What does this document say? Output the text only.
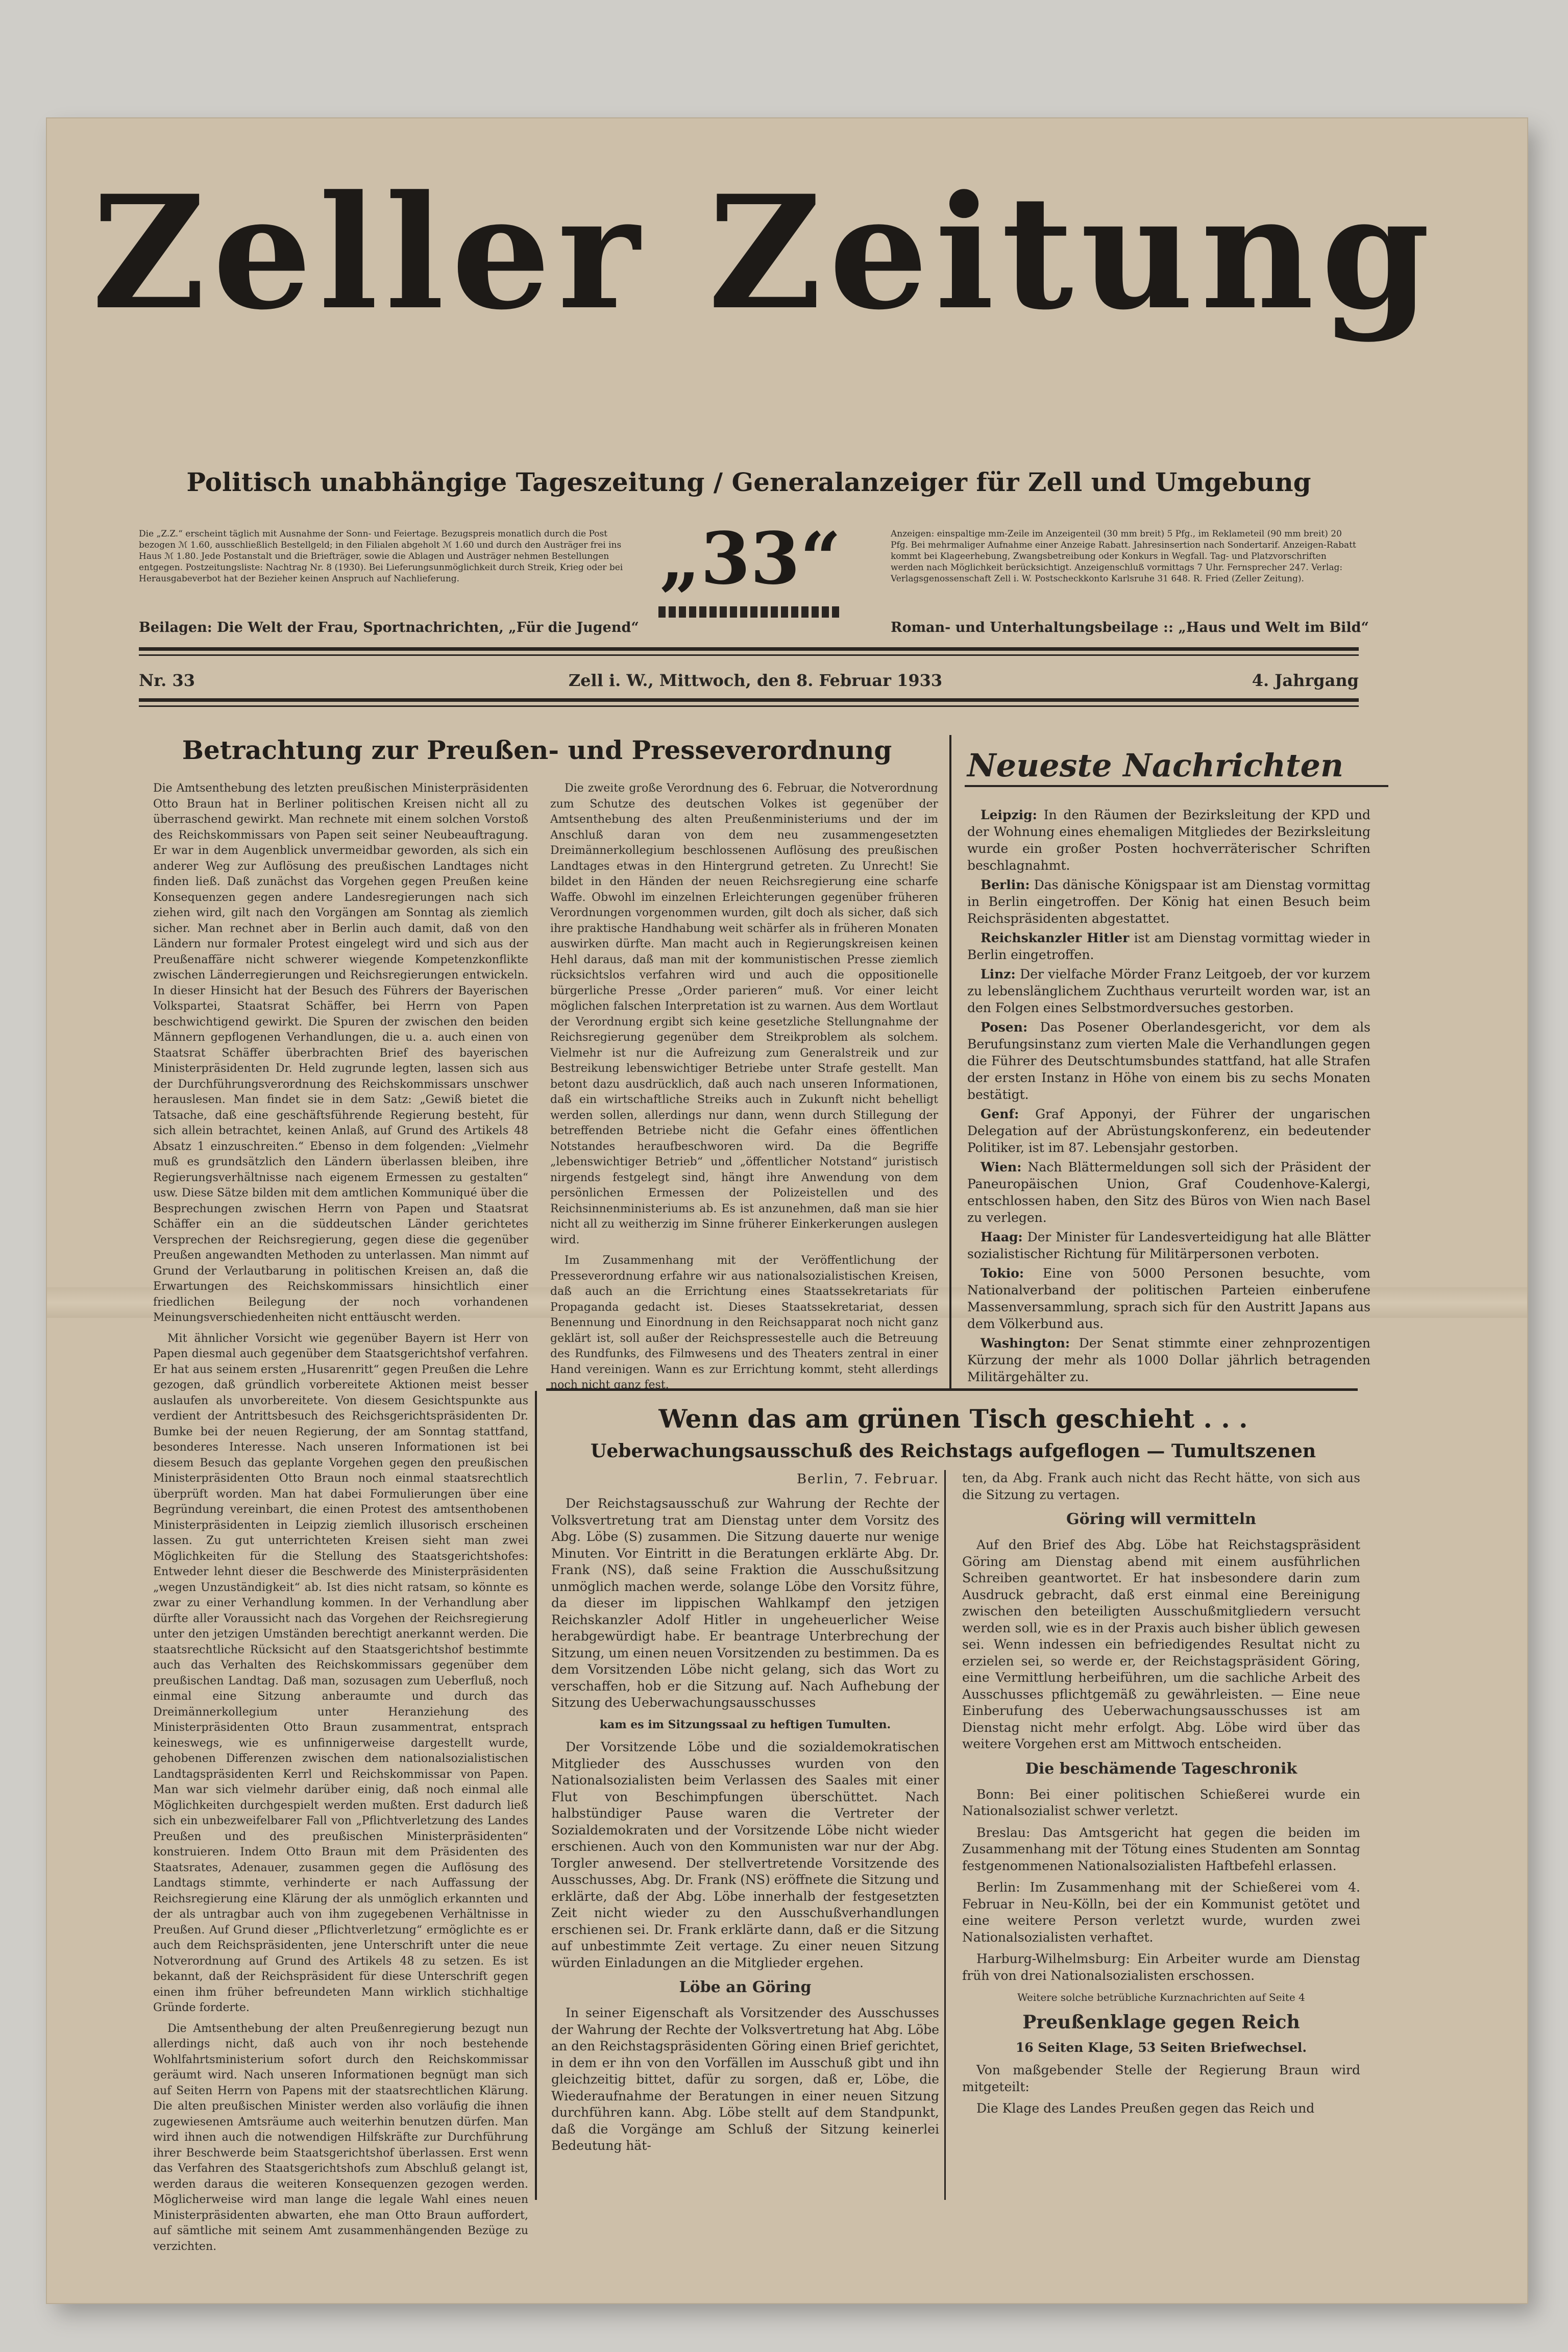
Zeller Zeitung
Politisch unabhängige Tageszeitung / Generalanzeiger für Zell und Umgebung
Die „Z.Z.“ erscheint täglich mit Ausnahme der Sonn- und Feiertage. Bezugspreis monatlich durch die Post bezogen ℳ 1.60, ausschließlich Bestellgeld; in den Filialen abgeholt ℳ 1.60 und durch den Austräger frei ins Haus ℳ 1.80. Jede Postanstalt und die Briefträger, sowie die Ablagen und Austräger nehmen Bestellungen entgegen. Postzeitungsliste: Nachtrag Nr. 8 (1930). Bei Lieferungsunmöglichkeit durch Streik, Krieg oder bei Herausgabeverbot hat der Bezieher keinen Anspruch auf Nachlieferung.	„33“	Anzeigen: einspaltige mm-Zeile im Anzeigenteil (30 mm breit) 5 Pfg., im Reklameteil (90 mm breit) 20 Pfg. Bei mehrmaliger Aufnahme einer Anzeige Rabatt. Jahresinsertion nach Sondertarif. Anzeigen-Rabatt kommt bei Klageerhebung, Zwangsbetreibung oder Konkurs in Wegfall. Tag- und Platzvorschriften werden nach Möglichkeit berücksichtigt. Anzeigenschluß vormittags 7 Uhr. Fernsprecher 247. Verlag: Verlagsgenossenschaft Zell i. W. Postscheckkonto Karlsruhe 31 648. R. Fried (Zeller Zeitung).
Beilagen: Die Welt der Frau, Sportnachrichten, „Für die Jugend“	Roman- und Unterhaltungsbeilage :: „Haus und Welt im Bild“
Nr. 33	Zell i. W., Mittwoch, den 8. Februar 1933	4. Jahrgang
Betrachtung zur Preußen- und Presseverordnung

Die Amtsenthebung des letzten preußischen Ministerpräsidenten Otto Braun hat in Berliner politischen Kreisen nicht all zu überraschend gewirkt. Man rechnete mit einem solchen Vorstoß des Reichskommissars von Papen seit seiner Neubeauftragung. Er war in dem Augenblick unvermeidbar geworden, als sich ein anderer Weg zur Auflösung des preußischen Landtages nicht finden ließ. Daß zunächst das Vorgehen gegen Preußen keine Konsequenzen gegen andere Landesregierungen nach sich ziehen wird, gilt nach den Vorgängen am Sonntag als ziemlich sicher. Man rechnet aber in Berlin auch damit, daß von den Ländern nur formaler Protest eingelegt wird und sich aus der Preußenaffäre nicht schwerer wiegende Kompetenzkonflikte zwischen Länderregierungen und Reichsregierungen entwickeln. In dieser Hinsicht hat der Besuch des Führers der Bayerischen Volkspartei, Staatsrat Schäffer, bei Herrn von Papen beschwichtigend gewirkt. Die Spuren der zwischen den beiden Männern gepflogenen Verhandlungen, die u. a. auch einen von Staatsrat Schäffer überbrachten Brief des bayerischen Ministerpräsidenten Dr. Held zugrunde legten, lassen sich aus der Durchführungsverordnung des Reichskommissars unschwer herauslesen. Man findet sie in dem Satz: „Gewiß bietet die Tatsache, daß eine geschäftsführende Regierung besteht, für sich allein betrachtet, keinen Anlaß, auf Grund des Artikels 48 Absatz 1 einzuschreiten.“ Ebenso in dem folgenden: „Vielmehr muß es grundsätzlich den Ländern überlassen bleiben, ihre Regierungsverhältnisse nach eigenem Ermessen zu gestalten“ usw. Diese Sätze bilden mit dem amtlichen Kommuniqué über die Besprechungen zwischen Herrn von Papen und Staatsrat Schäffer ein an die süddeutschen Länder gerichtetes Versprechen der Reichsregierung, gegen diese die gegenüber Preußen angewandten Methoden zu unterlassen. Man nimmt auf Grund der Verlautbarung in politischen Kreisen an, daß die Erwartungen des Reichskommissars hinsichtlich einer friedlichen Beilegung der noch vorhandenen Meinungsverschiedenheiten nicht enttäuscht werden.

Mit ähnlicher Vorsicht wie gegenüber Bayern ist Herr von Papen diesmal auch gegenüber dem Staatsgerichtshof verfahren. Er hat aus seinem ersten „Husarenritt“ gegen Preußen die Lehre gezogen, daß gründlich vorbereitete Aktionen meist besser auslaufen als unvorbereitete. Von diesem Gesichtspunkte aus verdient der Antrittsbesuch des Reichsgerichtspräsidenten Dr. Bumke bei der neuen Regierung, der am Sonntag stattfand, besonderes Interesse. Nach unseren Informationen ist bei diesem Besuch das geplante Vorgehen gegen den preußischen Ministerpräsidenten Otto Braun noch einmal staatsrechtlich überprüft worden. Man hat dabei Formulierungen über eine Begründung vereinbart, die einen Protest des amtsenthobenen Ministerpräsidenten in Leipzig ziemlich illusorisch erscheinen lassen. Zu gut unterrichteten Kreisen sieht man zwei Möglichkeiten für die Stellung des Staatsgerichtshofes: Entweder lehnt dieser die Beschwerde des Ministerpräsidenten „wegen Unzuständigkeit“ ab. Ist dies nicht ratsam, so könnte es zwar zu einer Verhandlung kommen. In der Verhandlung aber dürfte aller Voraussicht nach das Vorgehen der Reichsregierung unter den jetzigen Umständen berechtigt anerkannt werden. Die staatsrechtliche Rücksicht auf den Staatsgerichtshof bestimmte auch das Verhalten des Reichskommissars gegenüber dem preußischen Landtag. Daß man, sozusagen zum Ueberfluß, noch einmal eine Sitzung anberaumte und durch das Dreimännerkollegium unter Heranziehung des Ministerpräsidenten Otto Braun zusammentrat, entsprach keineswegs, wie es unfinnigerweise dargestellt wurde, gehobenen Differenzen zwischen dem nationalsozialistischen Landtagspräsidenten Kerrl und Reichskommissar von Papen. Man war sich vielmehr darüber einig, daß noch einmal alle Möglichkeiten durchgespielt werden mußten. Erst dadurch ließ sich ein unbezweifelbarer Fall von „Pflichtverletzung des Landes Preußen und des preußischen Ministerpräsidenten“ konstruieren. Indem Otto Braun mit dem Präsidenten des Staatsrates, Adenauer, zusammen gegen die Auflösung des Landtags stimmte, verhinderte er nach Auffassung der Reichsregierung eine Klärung der als unmöglich erkannten und der als untragbar auch von ihm zugegebenen Verhältnisse in Preußen. Auf Grund dieser „Pflichtverletzung“ ermöglichte es er auch dem Reichspräsidenten, jene Unterschrift unter die neue Notverordnung auf Grund des Artikels 48 zu setzen. Es ist bekannt, daß der Reichspräsident für diese Unterschrift gegen einen ihm früher befreundeten Mann wirklich stichhaltige Gründe forderte.

Die Amtsenthebung der alten Preußenregierung bezugt nun allerdings nicht, daß auch von ihr noch bestehende Wohlfahrtsministerium sofort durch den Reichskommissar geräumt wird. Nach unseren Informationen begnügt man sich auf Seiten Herrn von Papens mit der staatsrechtlichen Klärung. Die alten preußischen Minister werden also vorläufig die ihnen zugewiesenen Amtsräume auch weiterhin benutzen dürfen. Man wird ihnen auch die notwendigen Hilfskräfte zur Durchführung ihrer Beschwerde beim Staatsgerichtshof überlassen. Erst wenn das Verfahren des Staatsgerichtshofs zum Abschluß gelangt ist, werden daraus die weiteren Konsequenzen gezogen werden. Möglicherweise wird man lange die legale Wahl eines neuen Ministerpräsidenten abwarten, ehe man Otto Braun auffordert, auf sämtliche mit seinem Amt zusammenhängenden Bezüge zu verzichten.

Die zweite große Verordnung des 6. Februar, die Notverordnung zum Schutze des deutschen Volkes ist gegenüber der Amtsenthebung des alten Preußenministeriums und der im Anschluß daran von dem neu zusammengesetzten Dreimännerkollegium beschlossenen Auflösung des preußischen Landtages etwas in den Hintergrund getreten. Zu Unrecht! Sie bildet in den Händen der neuen Reichsregierung eine scharfe Waffe. Obwohl im einzelnen Erleichterungen gegenüber früheren Verordnungen vorgenommen wurden, gilt doch als sicher, daß sich ihre praktische Handhabung weit schärfer als in früheren Monaten auswirken dürfte. Man macht auch in Regierungskreisen keinen Hehl daraus, daß man mit der kommunistischen Presse ziemlich rücksichtslos verfahren wird und auch die oppositionelle bürgerliche Presse „Order parieren“ muß. Vor einer leicht möglichen falschen Interpretation ist zu warnen. Aus dem Wortlaut der Verordnung ergibt sich keine gesetzliche Stellungnahme der Reichsregierung gegenüber dem Streikproblem als solchem. Vielmehr ist nur die Aufreizung zum Generalstreik und zur Bestreikung lebenswichtiger Betriebe unter Strafe gestellt. Man betont dazu ausdrücklich, daß auch nach unseren Informationen, daß ein wirtschaftliche Streiks auch in Zukunft nicht behelligt werden sollen, allerdings nur dann, wenn durch Stillegung der betreffenden Betriebe nicht die Gefahr eines öffentlichen Notstandes heraufbeschworen wird. Da die Begriffe „lebenswichtiger Betrieb“ und „öffentlicher Notstand“ juristisch nirgends festgelegt sind, hängt ihre Anwendung von dem persönlichen Ermessen der Polizeistellen und des Reichsinnenministeriums ab. Es ist anzunehmen, daß man sie hier nicht all zu weitherzig im Sinne früherer Einkerkerungen auslegen wird.

Im Zusammenhang mit der Veröffentlichung der Presseverordnung erfahre wir aus nationalsozialistischen Kreisen, daß auch an die Errichtung eines Staatssekretariats für Propaganda gedacht ist. Dieses Staatssekretariat, dessen Benennung und Einordnung in den Reichsapparat noch nicht ganz geklärt ist, soll außer der Reichspressestelle auch die Betreuung des Rundfunks, des Filmwesens und des Theaters zentral in einer Hand vereinigen. Wann es zur Errichtung kommt, steht allerdings noch nicht ganz fest.

Neueste Nachrichten

Leipzig: In den Räumen der Bezirksleitung der KPD und der Wohnung eines ehemaligen Mitgliedes der Bezirksleitung wurde ein großer Posten hochverräterischer Schriften beschlagnahmt.

Berlin: Das dänische Königspaar ist am Dienstag vormittag in Berlin eingetroffen. Der König hat einen Besuch beim Reichspräsidenten abgestattet.

Reichskanzler Hitler ist am Dienstag vormittag wieder in Berlin eingetroffen.

Linz: Der vielfache Mörder Franz Leitgoeb, der vor kurzem zu lebenslänglichem Zuchthaus verurteilt worden war, ist an den Folgen eines Selbstmordversuches gestorben.

Posen: Das Posener Oberlandesgericht, vor dem als Berufungsinstanz zum vierten Male die Verhandlungen gegen die Führer des Deutschtumsbundes stattfand, hat alle Strafen der ersten Instanz in Höhe von einem bis zu sechs Monaten bestätigt.

Genf: Graf Apponyi, der Führer der ungarischen Delegation auf der Abrüstungskonferenz, ein bedeutender Politiker, ist im 87. Lebensjahr gestorben.

Wien: Nach Blättermeldungen soll sich der Präsident der Paneuropäischen Union, Graf Coudenhove-Kalergi, entschlossen haben, den Sitz des Büros von Wien nach Basel zu verlegen.

Haag: Der Minister für Landesverteidigung hat alle Blätter sozialistischer Richtung für Militärpersonen verboten.

Tokio: Eine von 5000 Personen besuchte, vom Nationalverband der politischen Parteien einberufene Massenversammlung, sprach sich für den Austritt Japans aus dem Völkerbund aus.

Washington: Der Senat stimmte einer zehnprozentigen Kürzung der mehr als 1000 Dollar jährlich betragenden Militärgehälter zu.

Wenn das am grünen Tisch geschieht . . .
Ueberwachungsausschuß des Reichstags aufgeflogen — Tumultszenen
Berlin, 7. Februar.

Der Reichstagsausschuß zur Wahrung der Rechte der Volksvertretung trat am Dienstag unter dem Vorsitz des Abg. Löbe (S) zusammen. Die Sitzung dauerte nur wenige Minuten. Vor Eintritt in die Beratungen erklärte Abg. Dr. Frank (NS), daß seine Fraktion die Ausschußsitzung unmöglich machen werde, solange Löbe den Vorsitz führe, da dieser im lippischen Wahlkampf den jetzigen Reichskanzler Adolf Hitler in ungeheuerlicher Weise herabgewürdigt habe. Er beantrage Unterbrechung der Sitzung, um einen neuen Vorsitzenden zu bestimmen. Da es dem Vorsitzenden Löbe nicht gelang, sich das Wort zu verschaffen, hob er die Sitzung auf. Nach Aufhebung der Sitzung des Ueberwachungsausschusses

kam es im Sitzungssaal zu heftigen Tumulten.

Der Vorsitzende Löbe und die sozialdemokratischen Mitglieder des Ausschusses wurden von den Nationalsozialisten beim Verlassen des Saales mit einer Flut von Beschimpfungen überschüttet. Nach halbstündiger Pause waren die Vertreter der Sozialdemokraten und der Vorsitzende Löbe nicht wieder erschienen. Auch von den Kommunisten war nur der Abg. Torgler anwesend. Der stellvertretende Vorsitzende des Ausschusses, Abg. Dr. Frank (NS) eröffnete die Sitzung und erklärte, daß der Abg. Löbe innerhalb der festgesetzten Zeit nicht wieder zu den Ausschußverhandlungen erschienen sei. Dr. Frank erklärte dann, daß er die Sitzung auf unbestimmte Zeit vertage. Zu einer neuen Sitzung würden Einladungen an die Mitglieder ergehen.

Löbe an Göring

In seiner Eigenschaft als Vorsitzender des Ausschusses der Wahrung der Rechte der Volksvertretung hat Abg. Löbe an den Reichstagspräsidenten Göring einen Brief gerichtet, in dem er ihn von den Vorfällen im Ausschuß gibt und ihn gleichzeitig bittet, dafür zu sorgen, daß er, Löbe, die Wiederaufnahme der Beratungen in einer neuen Sitzung durchführen kann. Abg. Löbe stellt auf dem Standpunkt, daß die Vorgänge am Schluß der Sitzung keinerlei Bedeutung hät-

ten, da Abg. Frank auch nicht das Recht hätte, von sich aus die Sitzung zu vertagen.

Göring will vermitteln

Auf den Brief des Abg. Löbe hat Reichstagspräsident Göring am Dienstag abend mit einem ausführlichen Schreiben geantwortet. Er hat insbesondere darin zum Ausdruck gebracht, daß erst einmal eine Bereinigung zwischen den beteiligten Ausschußmitgliedern versucht werden soll, wie es in der Praxis auch bisher üblich gewesen sei. Wenn indessen ein befriedigendes Resultat nicht zu erzielen sei, so werde er, der Reichstagspräsident Göring, eine Vermittlung herbeiführen, um die sachliche Arbeit des Ausschusses pflichtgemäß zu gewährleisten. — Eine neue Einberufung des Ueberwachungsausschusses ist am Dienstag nicht mehr erfolgt. Abg. Löbe wird über das weitere Vorgehen erst am Mittwoch entscheiden.

Die beschämende Tageschronik

Bonn: Bei einer politischen Schießerei wurde ein Nationalsozialist schwer verletzt.

Breslau: Das Amtsgericht hat gegen die beiden im Zusammenhang mit der Tötung eines Studenten am Sonntag festgenommenen Nationalsozialisten Haftbefehl erlassen.

Berlin: Im Zusammenhang mit der Schießerei vom 4. Februar in Neu-Kölln, bei der ein Kommunist getötet und eine weitere Person verletzt wurde, wurden zwei Nationalsozialisten verhaftet.

Harburg-Wilhelmsburg: Ein Arbeiter wurde am Dienstag früh von drei Nationalsozialisten erschossen.

Weitere solche betrübliche Kurznachrichten auf Seite 4
Preußenklage gegen Reich
16 Seiten Klage, 53 Seiten Briefwechsel.

Von maßgebender Stelle der Regierung Braun wird mitgeteilt:

Die Klage des Landes Preußen gegen das Reich und
